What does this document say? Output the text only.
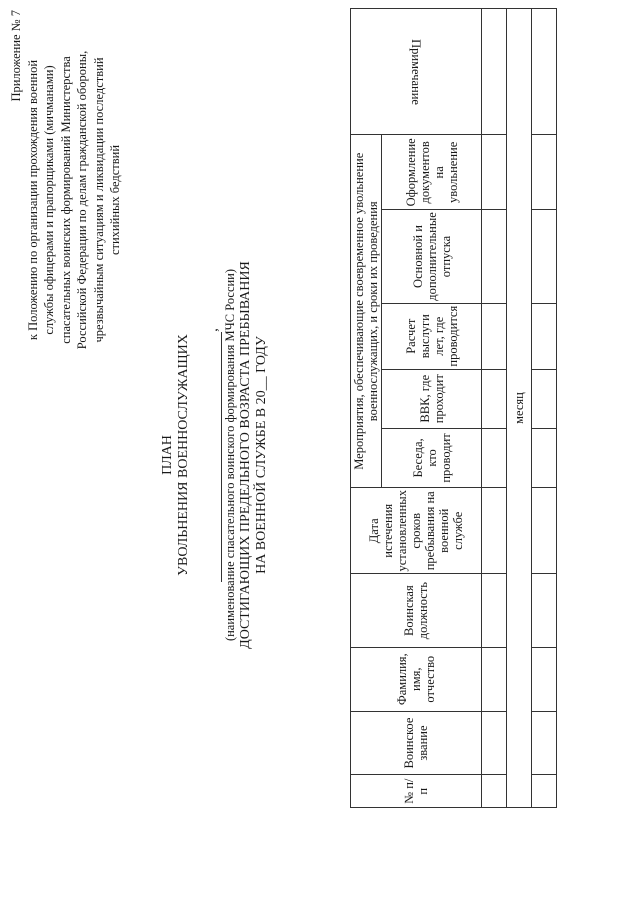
Приложение № 7
к Положению по организации прохождения военной службы офицерами и прапорщиками (мичманами) спасательных воинских формирований Министерства Российской Федерации по делам гражданской обороны, чрезвычайным ситуациям и ликвидации последствий стихийных бедствий
ПЛАН УВОЛЬНЕНИЯ ВОЕННОСЛУЖАЩИХ
, (наименование спасательного воинского формирования МЧС России) ДОСТИГАЮЩИХ ПРЕДЕЛЬНОГО ВОЗРАСТА ПРЕБЫВАНИЯ НА ВОЕННОЙ СЛУЖБЕ В 20__ ГОДУ
№ п/п	Воинское звание	Фамилия, имя, отчество	Воинская должность	Дата истечения установленных сроков пребывания на военной службе	Мероприятия, обеспечивающие своевременное увольнение военнослужащих, и сроки их проведения					Примечание
					Беседа, кто проводит	ВВК, где проходит	Расчет выслуги лет, где проводится	Основной и дополнительные отпуска	Оформление документов на увольнение	

месяц										
